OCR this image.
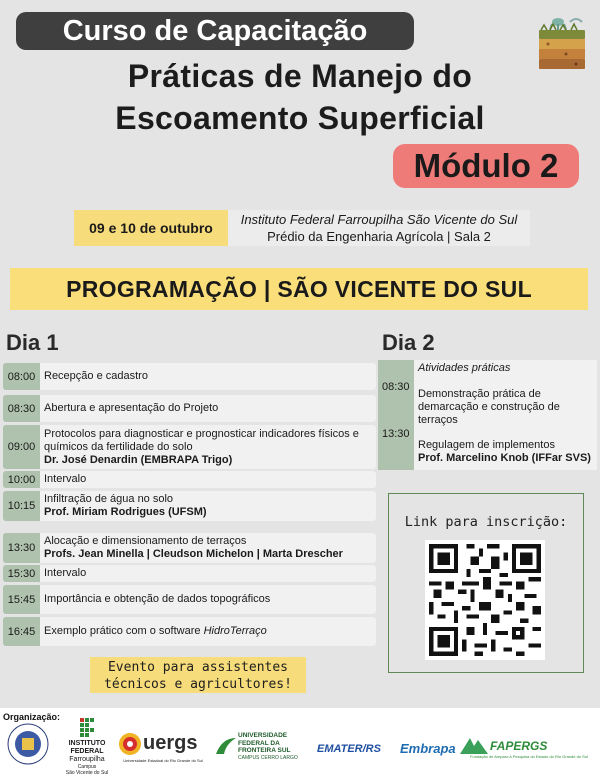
Curso de Capacitação
Práticas de Manejo do
Escoamento Superficial
Módulo 2
09 e 10 de outubro
Instituto Federal Farroupilha São Vicente do Sul
Prédio da Engenharia Agrícola | Sala 2
PROGRAMAÇÃO | SÃO VICENTE DO SUL
Dia 1
08:00 Recepção e cadastro
08:30 Abertura e apresentação do Projeto
09:00
Protocolos para diagnosticar e prognosticar indicadores físicos e químicos da fertilidade do solo
Dr. José Denardin (EMBRAPA Trigo)
10:00 Intervalo
10:15
Infiltração de água no solo
Prof. Miriam Rodrigues (UFSM)
13:30
Alocação e dimensionamento de terraços
Profs. Jean Minella | Cleudson Michelon | Marta Drescher
15:30 Intervalo
15:45 Importância e obtenção de dados topográficos
16:45 Exemplo prático com o software HidroTerraço
Dia 2
08:30
13:30
Atividades práticas
Demonstração prática de demarcação e construção de terraços
Regulagem de implementos
Prof. Marcelino Knob (IFFar SVS)
Link para inscrição:
Evento para assistentes
técnicos e agricultores!
INSTITUTO
FEDERAL
Farroupilha
Campus
São Vicente do Sul
uergs
Universidade Estadual do Rio Grande do Sul
UNIVERSIDADE
FEDERAL DA
FRONTEIRA SUL
CAMPUS CERRO LARGO
EMATER/RS Embrapa	FAPERGS
Fundação de Amparo à Pesquisa do Estado do Rio Grande do Sul
Organização:
